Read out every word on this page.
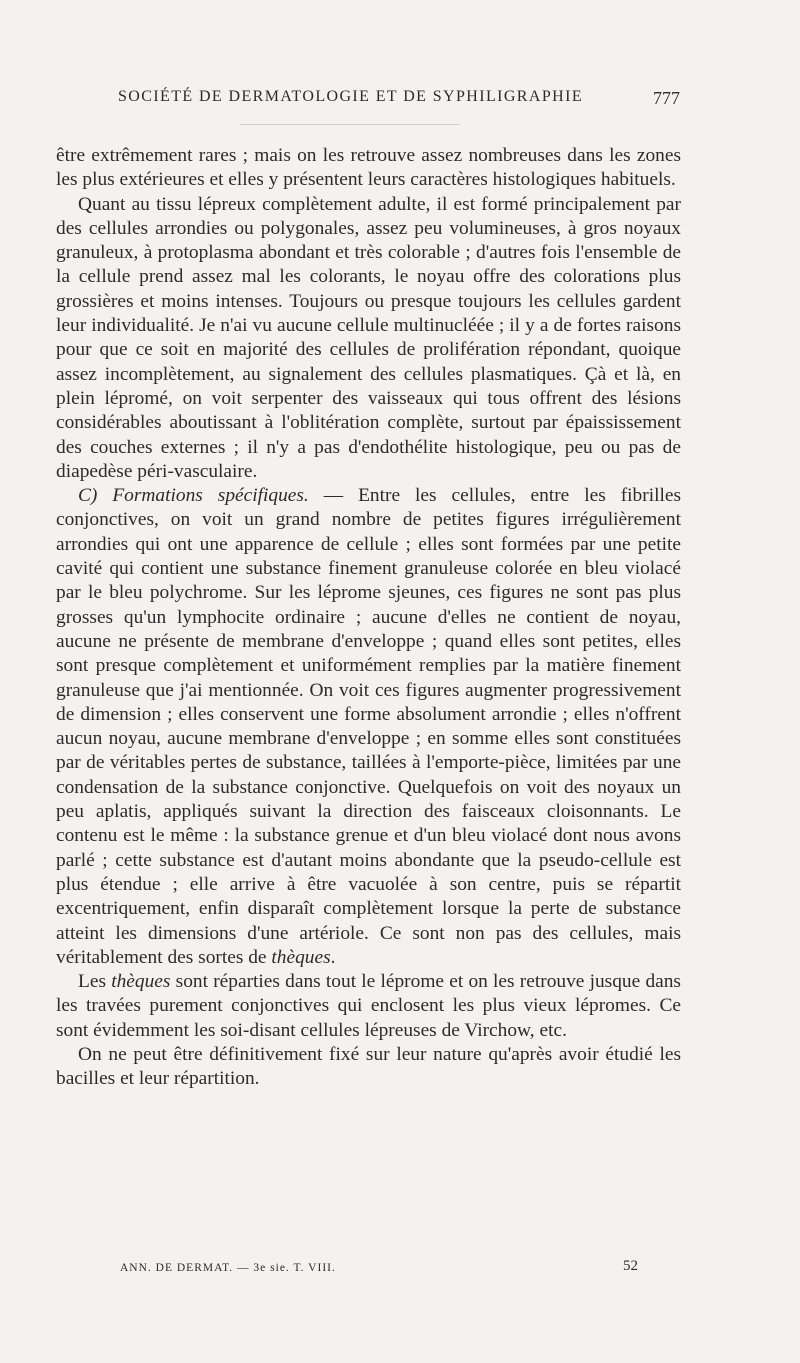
SOCIÉTÉ DE DERMATOLOGIE ET DE SYPHILIGRAPHIE	777

être extrêmement rares ; mais on les retrouve assez nombreuses dans les zones les plus extérieures et elles y présentent leurs caractères histologiques habituels.

Quant au tissu lépreux complètement adulte, il est formé principalement par des cellules arrondies ou polygonales, assez peu volumineuses, à gros noyaux granuleux, à protoplasma abondant et très colorable ; d'autres fois l'ensemble de la cellule prend assez mal les colorants, le noyau offre des colorations plus grossières et moins intenses. Toujours ou presque toujours les cellules gardent leur individualité. Je n'ai vu aucune cellule multinucléée ; il y a de fortes raisons pour que ce soit en majorité des cellules de prolifération répondant, quoique assez incomplètement, au signalement des cellules plasmatiques. Çà et là, en plein lépromé, on voit serpenter des vaisseaux qui tous offrent des lésions considérables aboutissant à l'oblitération complète, surtout par épaississement des couches externes ; il n'y a pas d'endothélite histologique, peu ou pas de diapedèse péri-vasculaire.

C) Formations spécifiques. — Entre les cellules, entre les fibrilles conjonctives, on voit un grand nombre de petites figures irrégulièrement arrondies qui ont une apparence de cellule ; elles sont formées par une petite cavité qui contient une substance finement granuleuse colorée en bleu violacé par le bleu polychrome. Sur les léprome sjeunes, ces figures ne sont pas plus grosses qu'un lymphocite ordinaire ; aucune d'elles ne contient de noyau, aucune ne présente de membrane d'enveloppe ; quand elles sont petites, elles sont presque complètement et uniformément remplies par la matière finement granuleuse que j'ai mentionnée. On voit ces figures augmenter progressivement de dimension ; elles conservent une forme absolument arrondie ; elles n'offrent aucun noyau, aucune membrane d'enveloppe ; en somme elles sont constituées par de véritables pertes de substance, taillées à l'emporte-pièce, limitées par une condensation de la substance conjonctive. Quelquefois on voit des noyaux un peu aplatis, appliqués suivant la direction des faisceaux cloisonnants. Le contenu est le même : la substance grenue et d'un bleu violacé dont nous avons parlé ; cette substance est d'autant moins abondante que la pseudo-cellule est plus étendue ; elle arrive à être vacuolée à son centre, puis se répartit excentriquement, enfin disparaît complètement lorsque la perte de substance atteint les dimensions d'une artériole. Ce sont non pas des cellules, mais véritablement des sortes de thèques.

Les thèques sont réparties dans tout le léprome et on les retrouve jusque dans les travées purement conjonctives qui enclosent les plus vieux lépromes. Ce sont évidemment les soi-disant cellules lépreuses de Virchow, etc.

On ne peut être définitivement fixé sur leur nature qu'après avoir étudié les bacilles et leur répartition.

ANN. DE DERMAT. — 3e sie. T. VIII.	52
